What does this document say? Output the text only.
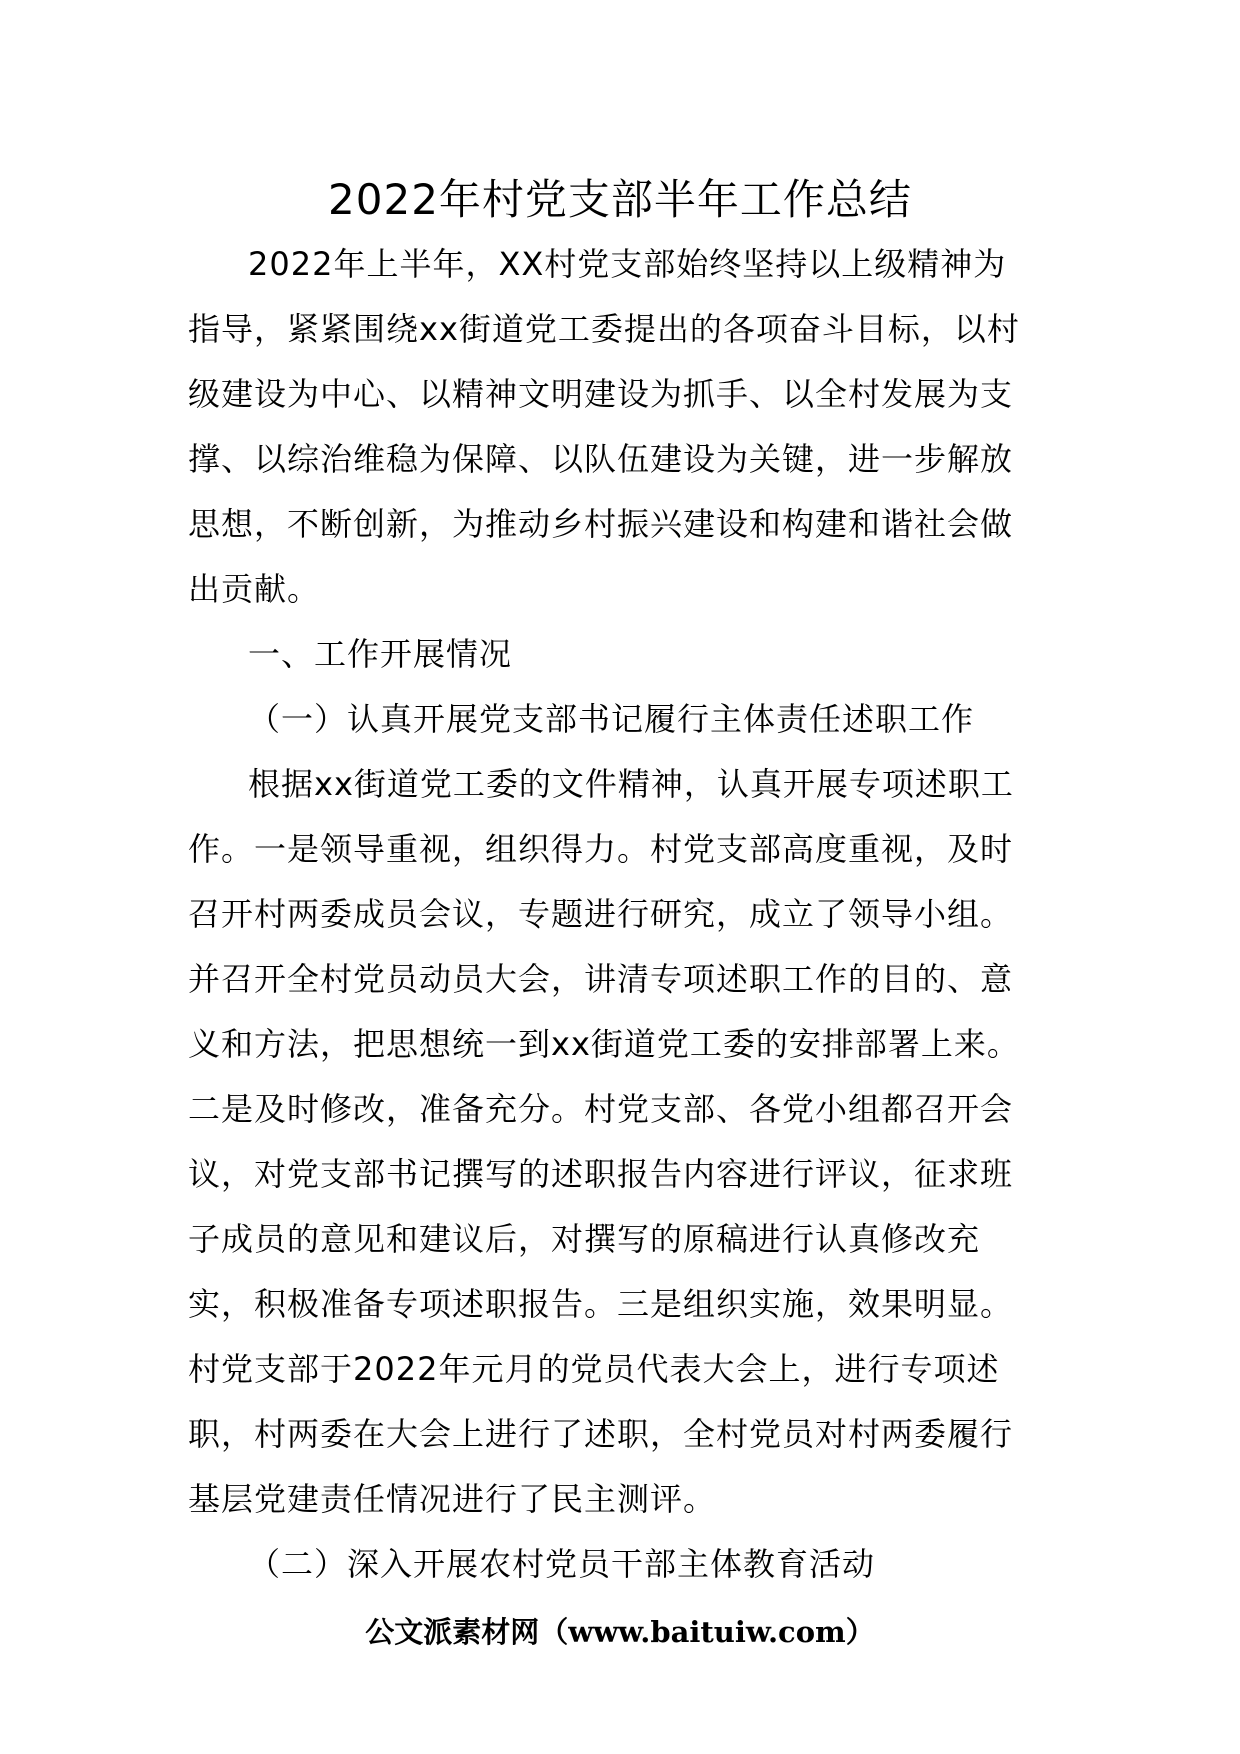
2022年村党支部半年工作总结
2022年上半年，XX村党支部始终坚持以上级精神为
指导，紧紧围绕xx街道党工委提出的各项奋斗目标，以村
级建设为中心、以精神文明建设为抓手、以全村发展为支
撑、以综治维稳为保障、以队伍建设为关键，进一步解放
思想，不断创新，为推动乡村振兴建设和构建和谐社会做
出贡献。
一、工作开展情况
（一）认真开展党支部书记履行主体责任述职工作
根据xx街道党工委的文件精神，认真开展专项述职工
作。一是领导重视，组织得力。村党支部高度重视，及时
召开村两委成员会议，专题进行研究，成立了领导小组。
并召开全村党员动员大会，讲清专项述职工作的目的、意
义和方法，把思想统一到xx街道党工委的安排部署上来。
二是及时修改，准备充分。村党支部、各党小组都召开会
议，对党支部书记撰写的述职报告内容进行评议，征求班
子成员的意见和建议后，对撰写的原稿进行认真修改充
实，积极准备专项述职报告。三是组织实施，效果明显。
村党支部于2022年元月的党员代表大会上，进行专项述
职，村两委在大会上进行了述职，全村党员对村两委履行
基层党建责任情况进行了民主测评。
（二）深入开展农村党员干部主体教育活动
公文派素材网（www.baituiw.com）
